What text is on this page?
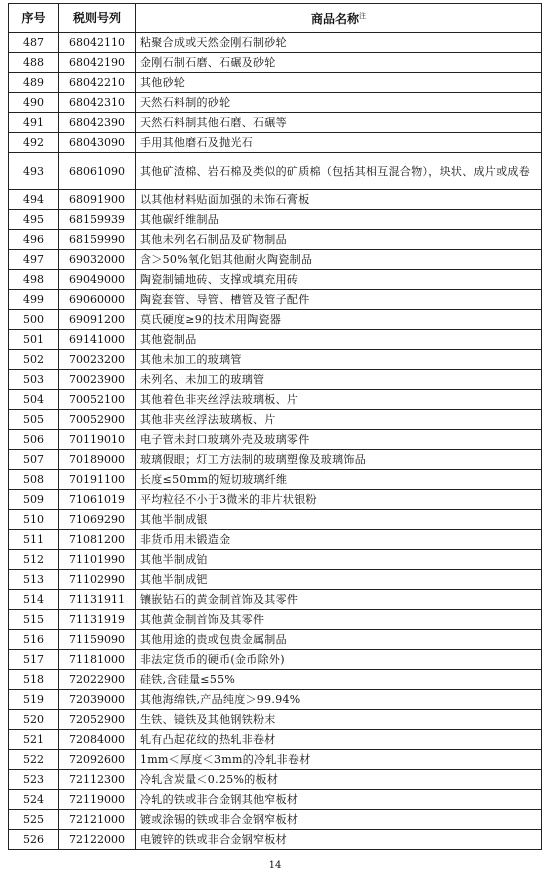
序号	税则号列	商品名称$^注$
487	68042110	粘聚合成或天然金刚石制砂轮
488	68042190	金刚石制石磨、石碾及砂轮
489	68042210	其他砂轮
490	68042310	天然石料制的砂轮
491	68042390	天然石料制其他石磨、石碾等
492	68043090	手用其他磨石及抛光石
493	68061090	其他矿渣棉、岩石棉及类似的矿质棉（包括其相互混合物），块状、成片或成卷
494	68091900	以其他材料贴面加强的未饰石膏板
495	68159939	其他碳纤维制品
496	68159990	其他未列名石制品及矿物制品
497	69032000	含＞50%氧化铝其他耐火陶瓷制品
498	69049000	陶瓷制铺地砖、支撑或填充用砖
499	69060000	陶瓷套管、导管、槽管及管子配件
500	69091200	莫氏硬度≥9的技术用陶瓷器
501	69141000	其他瓷制品
502	70023200	其他未加工的玻璃管
503	70023900	未列名、未加工的玻璃管
504	70052100	其他着色非夹丝浮法玻璃板、片
505	70052900	其他非夹丝浮法玻璃板、片
506	70119010	电子管未封口玻璃外壳及玻璃零件
507	70189000	玻璃假眼；灯工方法制的玻璃塑像及玻璃饰品
508	70191100	长度≤50mm的短切玻璃纤维
509	71061019	平均粒径不小于3微米的非片状银粉
510	71069290	其他半制成银
511	71081200	非货币用未锻造金
512	71101990	其他半制成铂
513	71102990	其他半制成钯
514	71131911	镶嵌钻石的黄金制首饰及其零件
515	71131919	其他黄金制首饰及其零件
516	71159090	其他用途的贵或包贵金属制品
517	71181000	非法定货币的硬币(金币除外)
518	72022900	硅铁,含硅量≤55%
519	72039000	其他海绵铁,产品纯度＞99.94%
520	72052900	生铁、镜铁及其他钢铁粉末
521	72084000	轧有凸起花纹的热轧非卷材
522	72092600	1mm＜厚度＜3mm的冷轧非卷材
523	72112300	冷轧含炭量＜0.25%的板材
524	72119000	冷轧的铁或非合金钢其他窄板材
525	72121000	镀或涂锡的铁或非合金钢窄板材
526	72122000	电镀锌的铁或非合金钢窄板材
14
